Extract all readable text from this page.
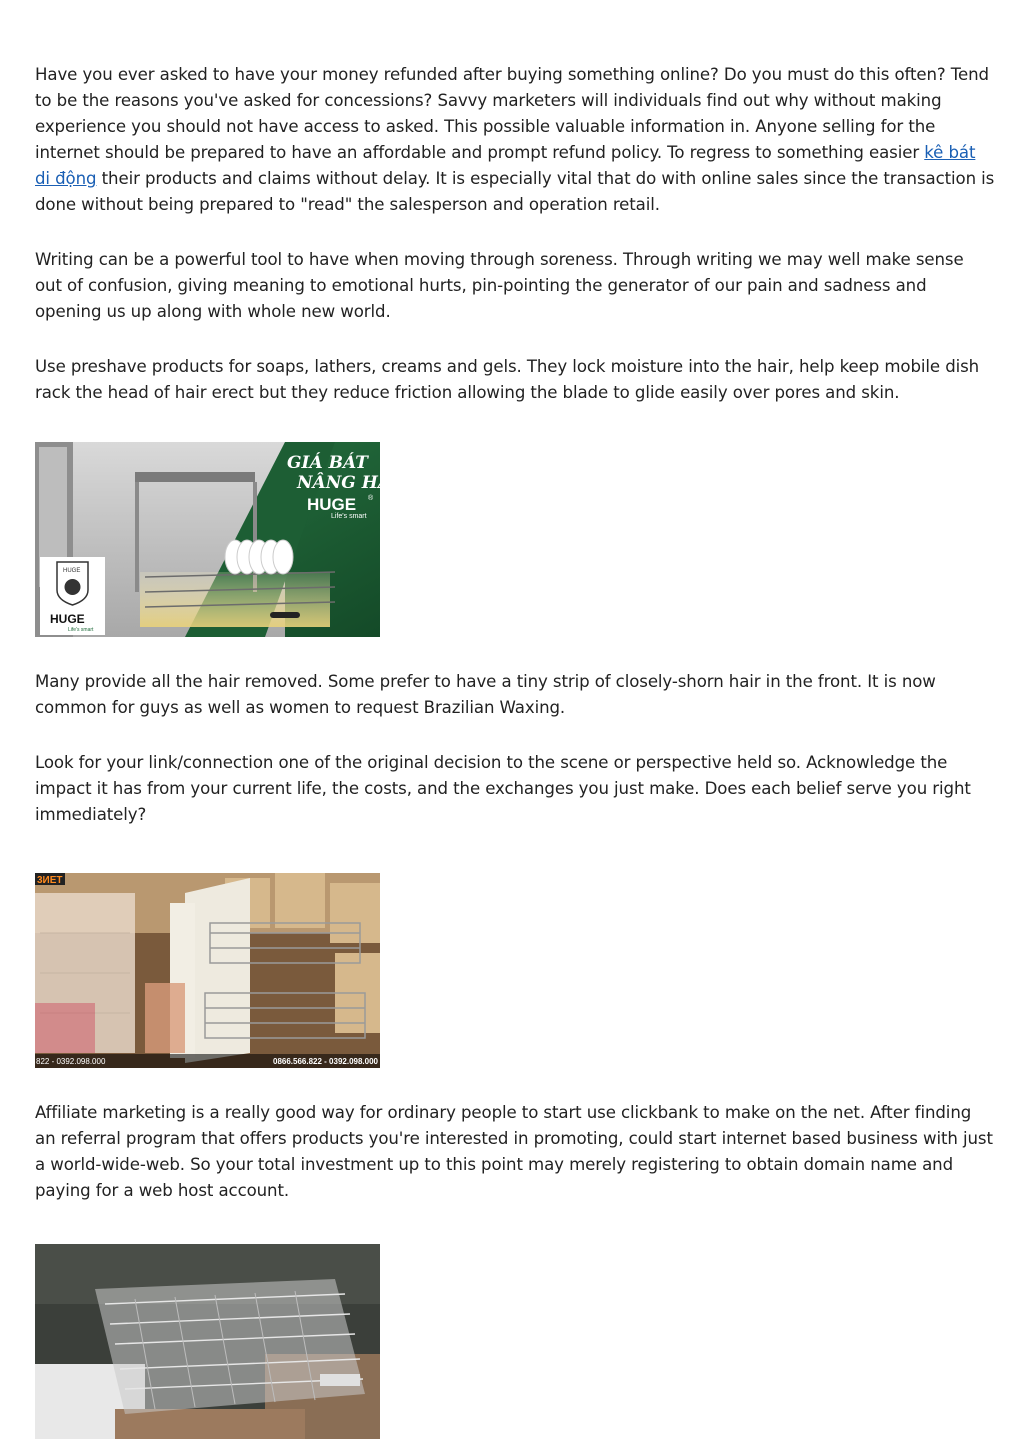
Have you ever asked to have your money refunded after buying something online? Do you must do this often? Tend to be the reasons you've asked for concessions? Savvy marketers will individuals find out why without making experience you should not have access to asked. This possible valuable information in. Anyone selling for the internet should be prepared to have an affordable and prompt refund policy. To regress to something easier kê bát di động their products and claims without delay. It is especially vital that do with online sales since the transaction is done without being prepared to "read" the salesperson and operation retail.

Writing can be a powerful tool to have when moving through soreness. Through writing we may well make sense out of confusion, giving meaning to emotional hurts, pin-pointing the generator of our pain and sadness and opening us up along with whole new world.

Use preshave products for soaps, lathers, creams and gels. They lock moisture into the hair, help keep mobile dish rack the head of hair erect but they reduce friction allowing the blade to glide easily over pores and skin.

GIÁ BÁT
NÂNG HẠ
HUGE ®
Life's smart
HUGE
HUGE
Life's smart

Many provide all the hair removed. Some prefer to have a tiny strip of closely-shorn hair in the front. It is now common for guys as well as women to request Brazilian Waxing.

Look for your link/connection one of the original decision to the scene or perspective held so. Acknowledge the impact it has from your current life, the costs, and the exchanges you just make. Does each belief serve you right immediately?

3ИЕТ
822 - 0392.098.000	0866.566.822 - 0392.098.000

Affiliate marketing is a really good way for ordinary people to start use clickbank to make on the net. After finding an referral program that offers products you're interested in promoting, could start internet based business with just a world-wide-web. So your total investment up to this point may merely registering to obtain domain name and paying for a web host account.
